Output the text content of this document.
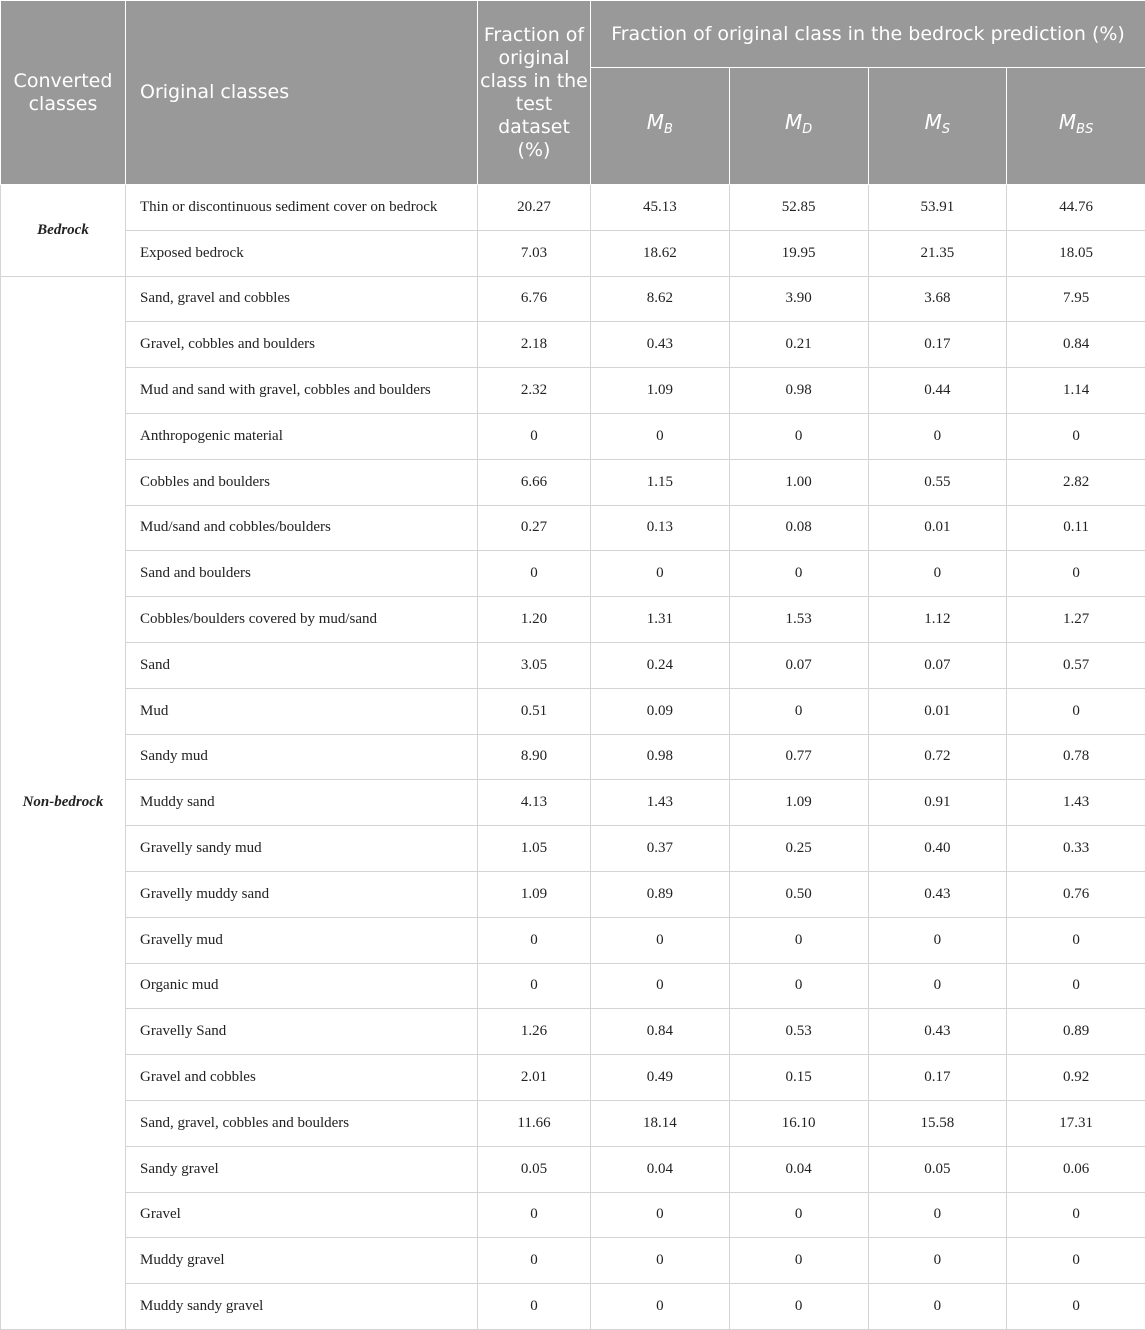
Converted classes	Original classes	Fraction of original class in the test dataset (%)	Fraction of original class in the bedrock prediction (%)			
			$M_B$	$M_D$	$M_S$	$M_{BS}$
Bedrock	Thin or discontinuous sediment cover on bedrock	20.27	45.13	52.85	53.91	44.76
	Exposed bedrock	7.03	18.62	19.95	21.35	18.05
Non-bedrock	Sand, gravel and cobbles	6.76	8.62	3.90	3.68	7.95
	Gravel, cobbles and boulders	2.18	0.43	0.21	0.17	0.84
	Mud and sand with gravel, cobbles and boulders	2.32	1.09	0.98	0.44	1.14
	Anthropogenic material	0	0	0	0	0
	Cobbles and boulders	6.66	1.15	1.00	0.55	2.82
	Mud/sand and cobbles/boulders	0.27	0.13	0.08	0.01	0.11
	Sand and boulders	0	0	0	0	0
	Cobbles/boulders covered by mud/sand	1.20	1.31	1.53	1.12	1.27
	Sand	3.05	0.24	0.07	0.07	0.57
	Mud	0.51	0.09	0	0.01	0
	Sandy mud	8.90	0.98	0.77	0.72	0.78
	Muddy sand	4.13	1.43	1.09	0.91	1.43
	Gravelly sandy mud	1.05	0.37	0.25	0.40	0.33
	Gravelly muddy sand	1.09	0.89	0.50	0.43	0.76
	Gravelly mud	0	0	0	0	0
	Organic mud	0	0	0	0	0
	Gravelly Sand	1.26	0.84	0.53	0.43	0.89
	Gravel and cobbles	2.01	0.49	0.15	0.17	0.92
	Sand, gravel, cobbles and boulders	11.66	18.14	16.10	15.58	17.31
	Sandy gravel	0.05	0.04	0.04	0.05	0.06
	Gravel	0	0	0	0	0
	Muddy gravel	0	0	0	0	0
	Muddy sandy gravel	0	0	0	0	0
